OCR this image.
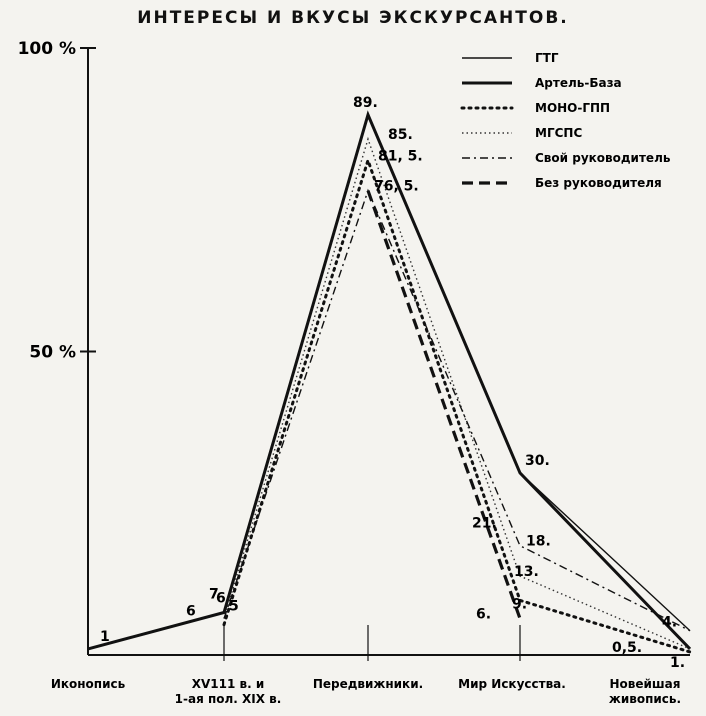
ИНТЕРЕСЫ И ВКУСЫ ЭКСКУРСАНТОВ.
100 %
50 %
Иконопись	XV111 в. и
1-ая пол. XIX в.
Передвижники.	Мир Искусства.	Новейшая
живопись.
1
6
7
5
6
89.
85.
81, 5.
76, 5.
30.
21.
18.
13.
9.
6.
0,5.
4.
1.
ГТГ
Артель-База
МОНО-ГПП
МГСПС
Свой руководитель
Без руководителя
